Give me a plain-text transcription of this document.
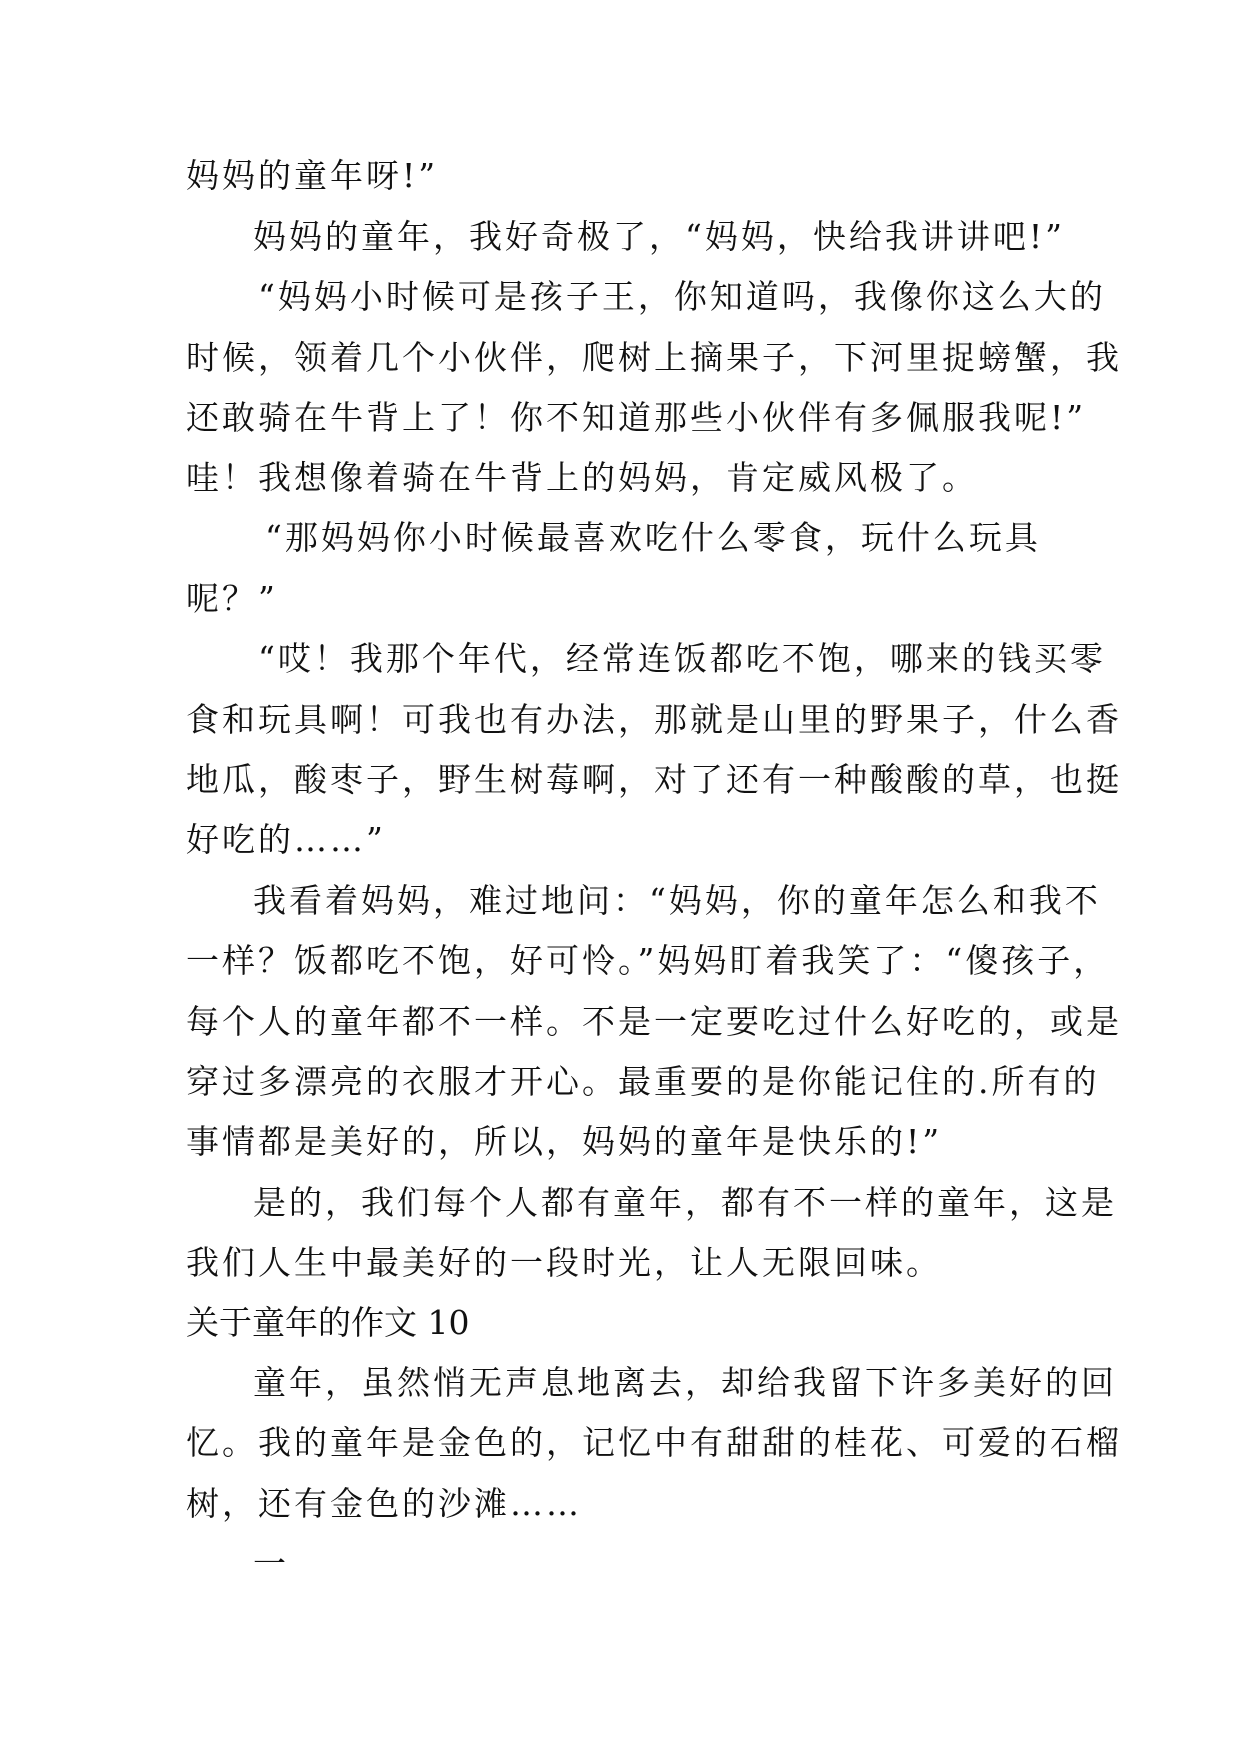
妈妈的童年呀!”
妈妈的童年，我好奇极了，“妈妈，快给我讲讲吧!”
“妈妈小时候可是孩子王，你知道吗，我像你这么大的
时候，领着几个小伙伴，爬树上摘果子，下河里捉螃蟹，我
还敢骑在牛背上了！你不知道那些小伙伴有多佩服我呢!”
哇！我想像着骑在牛背上的妈妈，肯定威风极了。
“那妈妈你小时候最喜欢吃什么零食，玩什么玩具
呢？”
“哎！我那个年代，经常连饭都吃不饱，哪来的钱买零
食和玩具啊！可我也有办法，那就是山里的野果子，什么香
地瓜，酸枣子，野生树莓啊，对了还有一种酸酸的草，也挺
好吃的……”
我看着妈妈，难过地问：“妈妈，你的童年怎么和我不
一样？饭都吃不饱，好可怜。”妈妈盯着我笑了：“傻孩子，
每个人的童年都不一样。不是一定要吃过什么好吃的，或是
穿过多漂亮的衣服才开心。最重要的是你能记住的.所有的
事情都是美好的，所以，妈妈的童年是快乐的!”
是的，我们每个人都有童年，都有不一样的童年，这是
我们人生中最美好的一段时光，让人无限回味。
关于童年的作文 10
童年，虽然悄无声息地离去，却给我留下许多美好的回
忆。我的童年是金色的，记忆中有甜甜的桂花、可爱的石榴
树，还有金色的沙滩……
一
